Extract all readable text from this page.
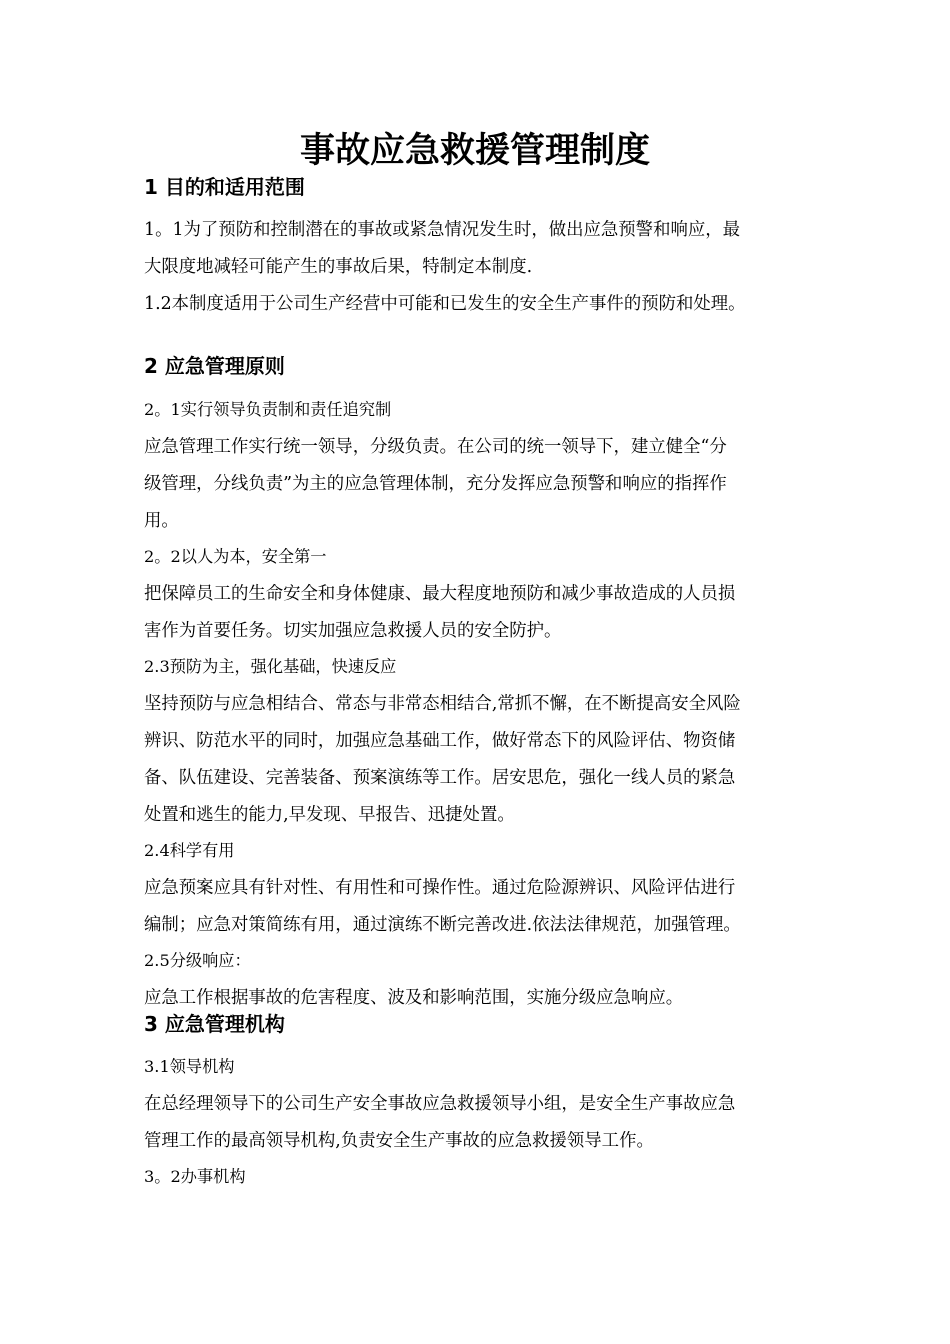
事故应急救援管理制度
1 目的和适用范围
1。1为了预防和控制潜在的事故或紧急情况发生时，做出应急预警和响应，最
大限度地减轻可能产生的事故后果，特制定本制度.
1.2本制度适用于公司生产经营中可能和已发生的安全生产事件的预防和处理。
2 应急管理原则
2。1实行领导负责制和责任追究制
应急管理工作实行统一领导，分级负责。在公司的统一领导下，建立健全“分
级管理，分线负责”为主的应急管理体制，充分发挥应急预警和响应的指挥作
用。
2。2以人为本，安全第一
把保障员工的生命安全和身体健康、最大程度地预防和减少事故造成的人员损
害作为首要任务。切实加强应急救援人员的安全防护。
2.3预防为主，强化基础，快速反应
坚持预防与应急相结合、常态与非常态相结合,常抓不懈，在不断提高安全风险
辨识、防范水平的同时，加强应急基础工作，做好常态下的风险评估、物资储
备、队伍建设、完善装备、预案演练等工作。居安思危，强化一线人员的紧急
处置和逃生的能力,早发现、早报告、迅捷处置。
2.4科学有用
应急预案应具有针对性、有用性和可操作性。通过危险源辨识、风险评估进行
编制；应急对策简练有用，通过演练不断完善改进.依法法律规范，加强管理。
2.5分级响应：
应急工作根据事故的危害程度、波及和影响范围，实施分级应急响应。
3 应急管理机构
3.1领导机构
在总经理领导下的公司生产安全事故应急救援领导小组，是安全生产事故应急
管理工作的最高领导机构,负责安全生产事故的应急救援领导工作。
3。2办事机构
